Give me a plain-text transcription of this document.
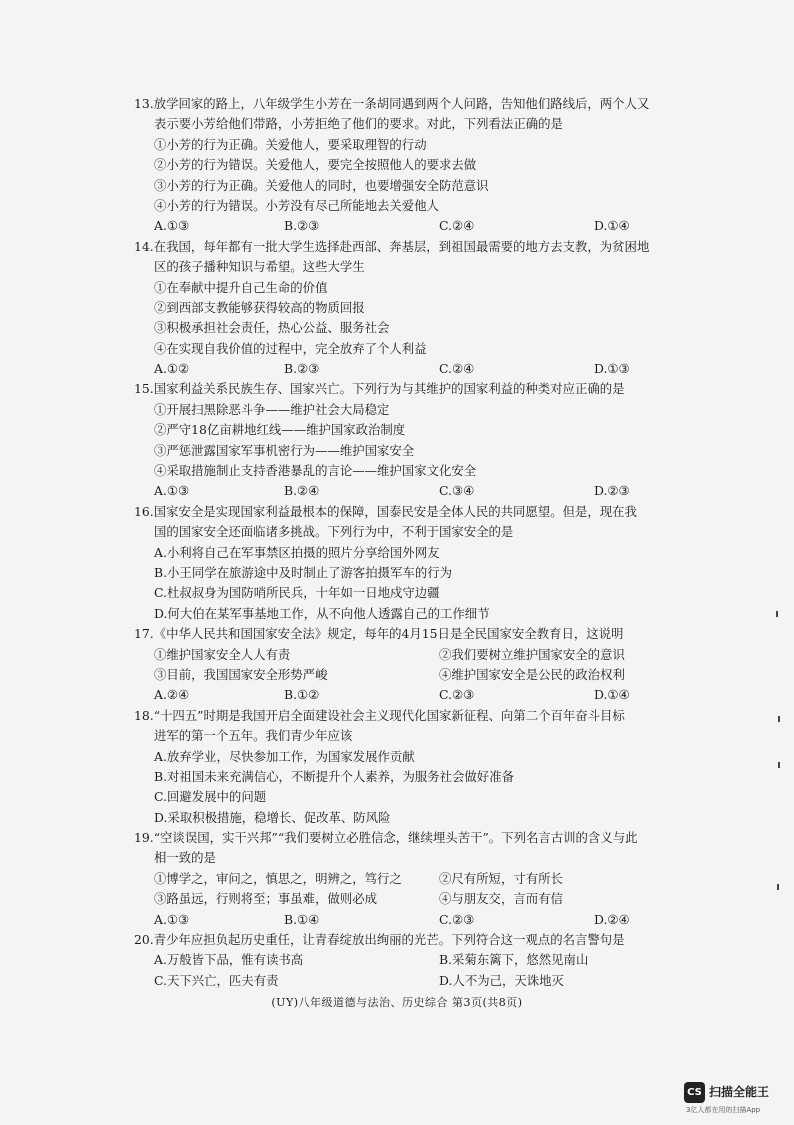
13.放学回家的路上，八年级学生小芳在一条胡同遇到两个人问路，告知他们路线后，两个人又
表示要小芳给他们带路，小芳拒绝了他们的要求。对此，下列看法正确的是
①小芳的行为正确。关爱他人，要采取理智的行动
②小芳的行为错误。关爱他人，要完全按照他人的要求去做
③小芳的行为正确。关爱他人的同时，也要增强安全防范意识
④小芳的行为错误。小芳没有尽己所能地去关爱他人
A.①③	B.②③	C.②④	D.①④
14.在我国，每年都有一批大学生选择赴西部、奔基层，到祖国最需要的地方去支教，为贫困地
区的孩子播种知识与希望。这些大学生
①在奉献中提升自己生命的价值
②到西部支教能够获得较高的物质回报
③积极承担社会责任，热心公益、服务社会
④在实现自我价值的过程中，完全放弃了个人利益
A.①②	B.②③	C.②④	D.①③
15.国家利益关系民族生存、国家兴亡。下列行为与其维护的国家利益的种类对应正确的是
①开展扫黑除恶斗争——维护社会大局稳定
②严守18亿亩耕地红线——维护国家政治制度
③严惩泄露国家军事机密行为——维护国家安全
④采取措施制止支持香港暴乱的言论——维护国家文化安全
A.①③	B.②④	C.③④	D.②③
16.国家安全是实现国家利益最根本的保障，国泰民安是全体人民的共同愿望。但是，现在我
国的国家安全还面临诸多挑战。下列行为中，不利于国家安全的是
A.小利将自己在军事禁区拍摄的照片分享给国外网友
B.小王同学在旅游途中及时制止了游客拍摄军车的行为
C.杜叔叔身为国防哨所民兵，十年如一日地戍守边疆
D.何大伯在某军事基地工作，从不向他人透露自己的工作细节
17.《中华人民共和国国家安全法》规定，每年的4月15日是全民国家安全教育日，这说明
①维护国家安全人人有责	②我们要树立维护国家安全的意识
③目前，我国国家安全形势严峻	④维护国家安全是公民的政治权利
A.②④	B.①②	C.②③	D.①④
18.“十四五”时期是我国开启全面建设社会主义现代化国家新征程、向第二个百年奋斗目标
进军的第一个五年。我们青少年应该
A.放弃学业，尽快参加工作，为国家发展作贡献
B.对祖国未来充满信心，不断提升个人素养，为服务社会做好准备
C.回避发展中的问题
D.采取积极措施，稳增长、促改革、防风险
19.“空谈误国，实干兴邦”“我们要树立必胜信念，继续埋头苦干”。下列名言古训的含义与此
相一致的是
①博学之，审问之，慎思之，明辨之，笃行之	②尺有所短，寸有所长
③路虽远，行则将至；事虽难，做则必成	④与朋友交，言而有信
A.①③	B.①④	C.②③	D.②④
20.青少年应担负起历史重任，让青春绽放出绚丽的光芒。下列符合这一观点的名言警句是
A.万般皆下品，惟有读书高	B.采菊东篱下，悠然见南山
C.天下兴亡，匹夫有责	D.人不为己，天诛地灭
(UY)八年级道德与法治、历史综合 第3页(共8页)
CS 扫描全能王
3亿人都在用的扫描App
